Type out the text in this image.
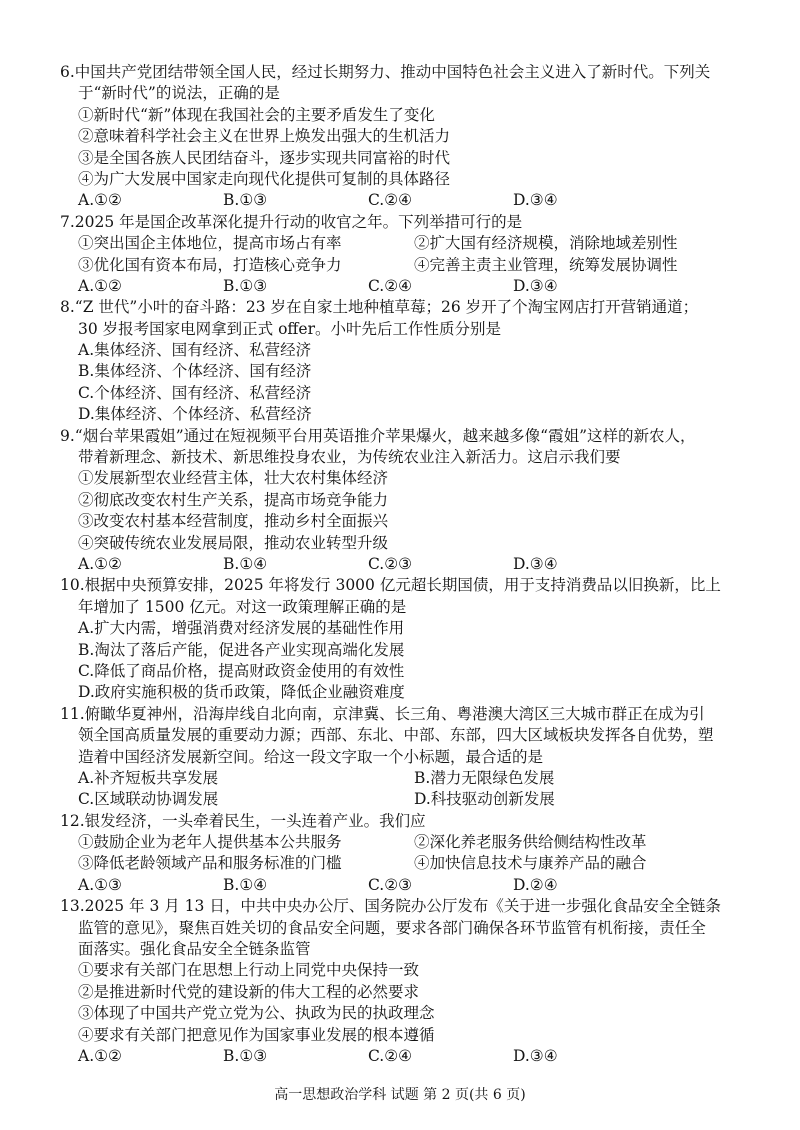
6.中国共产党团结带领全国人民，经过长期努力、推动中国特色社会主义进入了新时代。下列关
于“新时代”的说法，正确的是
①新时代“新”体现在我国社会的主要矛盾发生了变化
②意味着科学社会主义在世界上焕发出强大的生机活力
③是全国各族人民团结奋斗，逐步实现共同富裕的时代
④为广大发展中国家走向现代化提供可复制的具体路径
A.①②	B.①③	C.②④	D.③④
7.2025 年是国企改革深化提升行动的收官之年。下列举措可行的是
①突出国企主体地位，提高市场占有率	②扩大国有经济规模，消除地域差别性
③优化国有资本布局，打造核心竞争力	④完善主责主业管理，统筹发展协调性
A.①②	B.①③	C.②④	D.③④
8.“Z 世代”小叶的奋斗路：23 岁在自家土地种植草莓；26 岁开了个淘宝网店打开营销通道；
30 岁报考国家电网拿到正式 offer。小叶先后工作性质分别是
A.集体经济、国有经济、私营经济
B.集体经济、个体经济、国有经济
C.个体经济、国有经济、私营经济
D.集体经济、个体经济、私营经济
9.“烟台苹果霞姐”通过在短视频平台用英语推介苹果爆火，越来越多像“霞姐”这样的新农人，
带着新理念、新技术、新思维投身农业，为传统农业注入新活力。这启示我们要
①发展新型农业经营主体，壮大农村集体经济
②彻底改变农村生产关系，提高市场竞争能力
③改变农村基本经营制度，推动乡村全面振兴
④突破传统农业发展局限，推动农业转型升级
A.①②	B.①④	C.②③	D.③④
10.根据中央预算安排，2025 年将发行 3000 亿元超长期国债，用于支持消费品以旧换新，比上
年增加了 1500 亿元。对这一政策理解正确的是
A.扩大内需，增强消费对经济发展的基础性作用
B.淘汰了落后产能，促进各产业实现高端化发展
C.降低了商品价格，提高财政资金使用的有效性
D.政府实施积极的货币政策，降低企业融资难度
11.俯瞰华夏神州，沿海岸线自北向南，京津冀、长三角、粤港澳大湾区三大城市群正在成为引
领全国高质量发展的重要动力源；西部、东北、中部、东部，四大区域板块发挥各自优势，塑
造着中国经济发展新空间。给这一段文字取一个小标题，最合适的是
A.补齐短板共享发展	B.潜力无限绿色发展
C.区域联动协调发展	D.科技驱动创新发展
12.银发经济，一头牵着民生，一头连着产业。我们应
①鼓励企业为老年人提供基本公共服务	②深化养老服务供给侧结构性改革
③降低老龄领域产品和服务标准的门槛	④加快信息技术与康养产品的融合
A.①③	B.①④	C.②③	D.②④
13.2025 年 3 月 13 日，中共中央办公厅、国务院办公厅发布《关于进一步强化食品安全全链条
监管的意见》，聚焦百姓关切的食品安全问题，要求各部门确保各环节监管有机衔接，责任全
面落实。强化食品安全全链条监管
①要求有关部门在思想上行动上同党中央保持一致
②是推进新时代党的建设新的伟大工程的必然要求
③体现了中国共产党立党为公、执政为民的执政理念
④要求有关部门把意见作为国家事业发展的根本遵循
A.①②	B.①③	C.②④	D.③④
高一思想政治学科 试题 第 2 页(共 6 页)
